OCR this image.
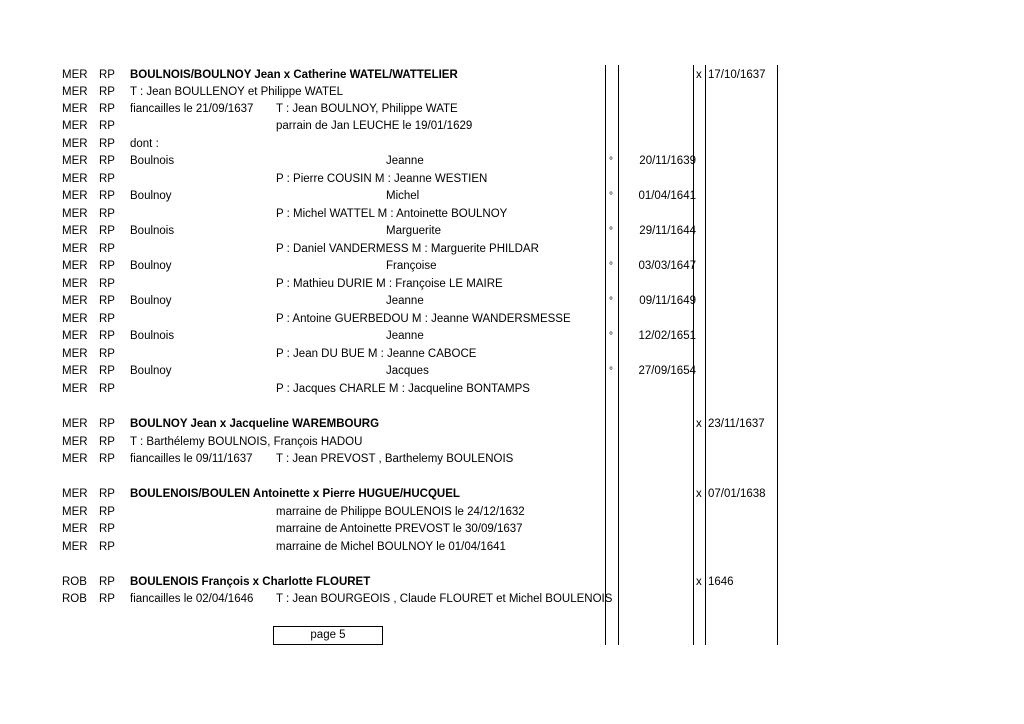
MER RP BOULNOIS/BOULNOY Jean x Catherine WATEL/WATTELIER	x 17/10/1637
MER RP T : Jean BOULLENOY et Philippe WATEL
MER RP fiancailles le 21/09/1637 T : Jean BOULNOY, Philippe WATE
MER RP	parrain de Jan LEUCHE le 19/01/1629
MER RP dont :
MER RP Boulnois	Jeanne	°	20/11/1639
MER RP	P : Pierre COUSIN M : Jeanne WESTIEN
MER RP Boulnoy	Michel	°	01/04/1641
MER RP	P : Michel WATTEL M : Antoinette BOULNOY
MER RP Boulnois	Marguerite	°	29/11/1644
MER RP	P : Daniel VANDERMESS M : Marguerite PHILDAR
MER RP Boulnoy	Françoise	°	03/03/1647
MER RP	P : Mathieu DURIE M : Françoise LE MAIRE
MER RP Boulnoy	Jeanne	°	09/11/1649
MER RP	P : Antoine GUERBEDOU M : Jeanne WANDERSMESSE
MER RP Boulnois	Jeanne	°	12/02/1651
MER RP	P : Jean DU BUE M : Jeanne CABOCE
MER RP Boulnoy	Jacques	°	27/09/1654
MER RP	P : Jacques CHARLE M : Jacqueline BONTAMPS
MER RP BOULNOY Jean x Jacqueline WAREMBOURG	x 23/11/1637
MER RP T : Barthélemy BOULNOIS, François HADOU
MER RP fiancailles le 09/11/1637 T : Jean PREVOST , Barthelemy BOULENOIS
MER RP BOULENOIS/BOULEN Antoinette x Pierre HUGUE/HUCQUEL	x 07/01/1638
MER RP	marraine de Philippe BOULENOIS le 24/12/1632
MER RP	marraine de Antoinette PREVOST le 30/09/1637
MER RP	marraine de Michel BOULNOY le 01/04/1641
ROB RP BOULENOIS François x Charlotte FLOURET	x 1646
ROB RP fiancailles le 02/04/1646 T : Jean BOURGEOIS , Claude FLOURET et Michel BOULENOIS
page 5
